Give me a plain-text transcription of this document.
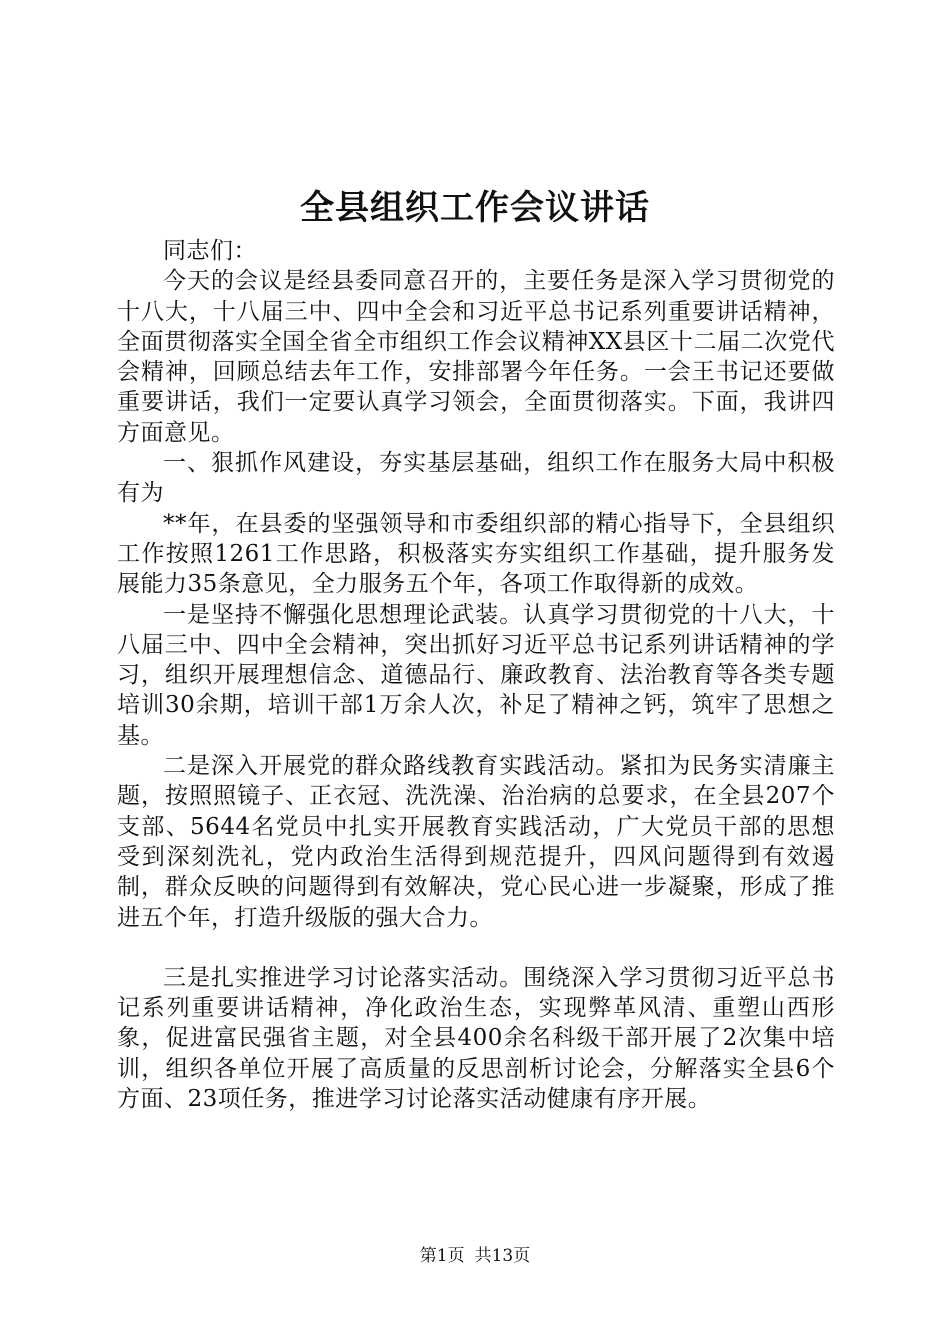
全县组织工作会议讲话

同志们：

今天的会议是经县委同意召开的，主要任务是深入学习贯彻党的十八大，十八届三中、四中全会和习近平总书记系列重要讲话精神，全面贯彻落实全国全省全市组织工作会议精神XX县区十二届二次党代会精神，回顾总结去年工作，安排部署今年任务。一会王书记还要做重要讲话，我们一定要认真学习领会，全面贯彻落实。下面，我讲四方面意见。

一、狠抓作风建设，夯实基层基础，组织工作在服务大局中积极有为

**年，在县委的坚强领导和市委组织部的精心指导下，全县组织工作按照1261工作思路，积极落实夯实组织工作基础，提升服务发展能力35条意见，全力服务五个年，各项工作取得新的成效。

一是坚持不懈强化思想理论武装。认真学习贯彻党的十八大，十八届三中、四中全会精神，突出抓好习近平总书记系列讲话精神的学习，组织开展理想信念、道德品行、廉政教育、法治教育等各类专题培训30余期，培训干部1万余人次，补足了精神之钙，筑牢了思想之基。

二是深入开展党的群众路线教育实践活动。紧扣为民务实清廉主题，按照照镜子、正衣冠、洗洗澡、治治病的总要求，在全县207个支部、5644名党员中扎实开展教育实践活动，广大党员干部的思想受到深刻洗礼，党内政治生活得到规范提升，四风问题得到有效遏制，群众反映的问题得到有效解决，党心民心进一步凝聚，形成了推进五个年，打造升级版的强大合力。

三是扎实推进学习讨论落实活动。围绕深入学习贯彻习近平总书记系列重要讲话精神，净化政治生态，实现弊革风清、重塑山西形象，促进富民强省主题，对全县400余名科级干部开展了2次集中培训，组织各单位开展了高质量的反思剖析讨论会，分解落实全县6个方面、23项任务，推进学习讨论落实活动健康有序开展。

第1页 共13页
